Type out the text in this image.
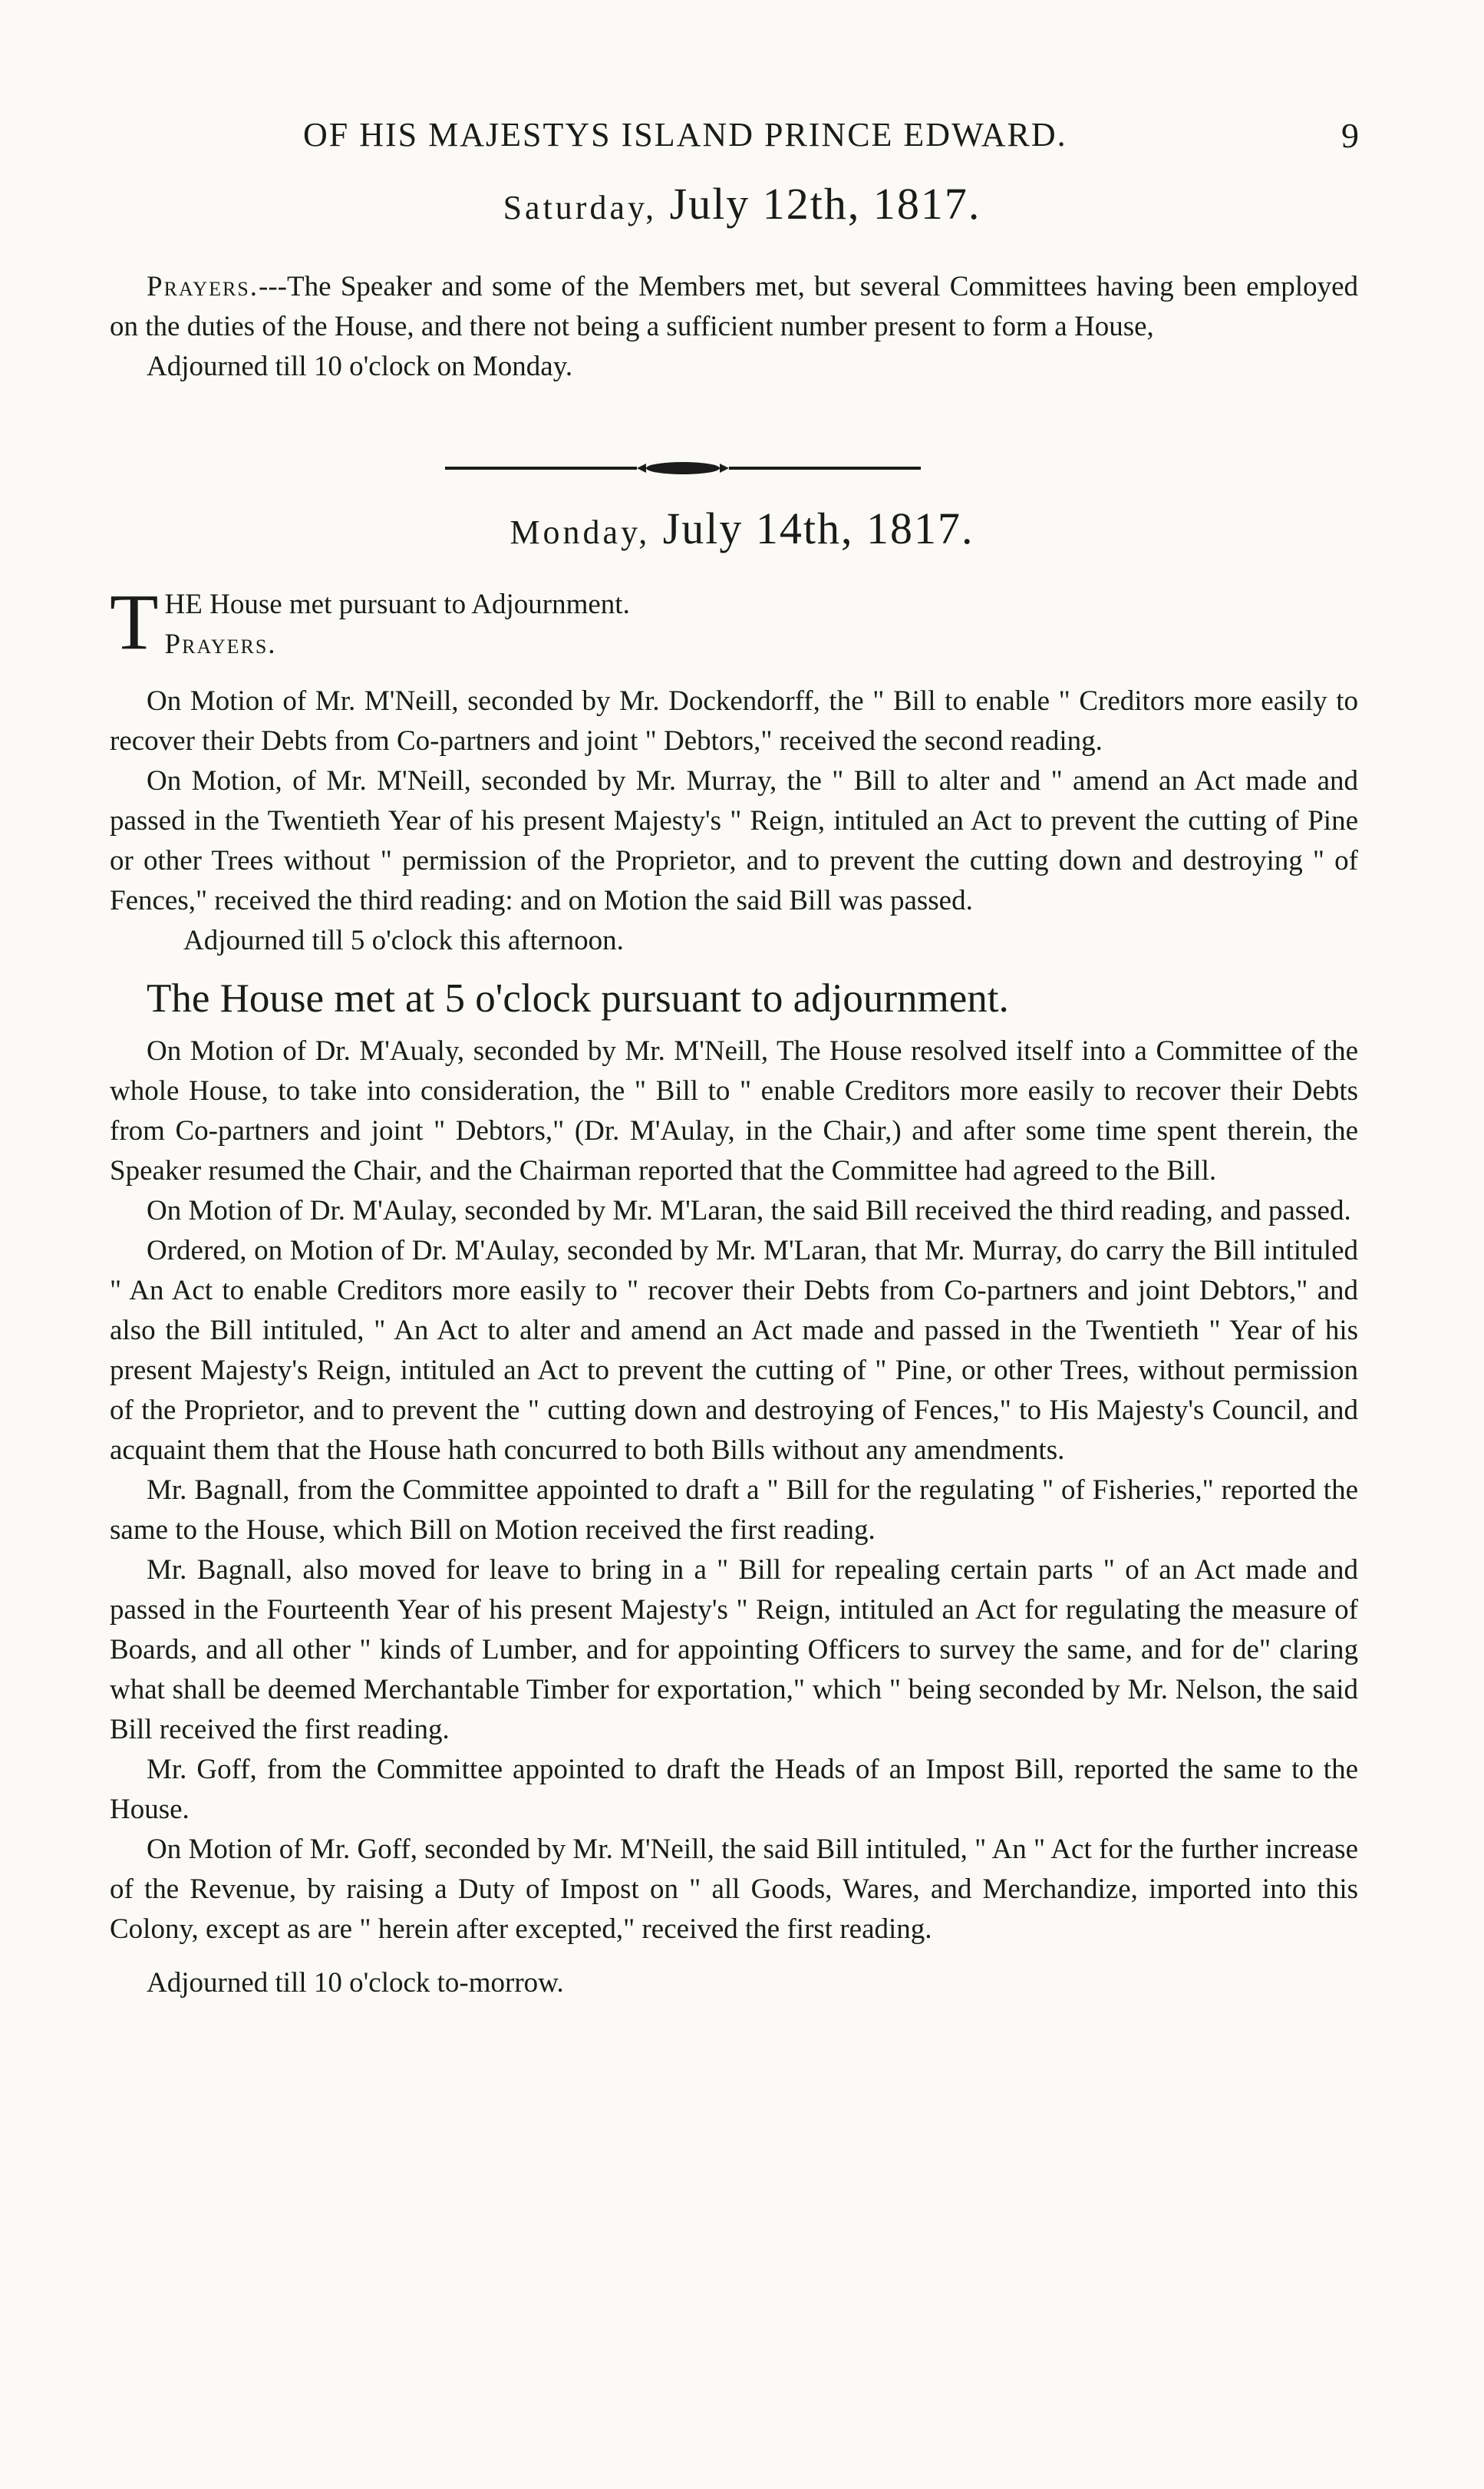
OF HIS MAJESTYS ISLAND PRINCE EDWARD.	9
Saturday, July 12th, 1817.

Prayers.---The Speaker and some of the Members met, but several Committees having been employed on the duties of the House, and there not being a sufficient number present to form a House,

Adjourned till 10 o'clock on Monday.

Monday, July 14th, 1817.

THE House met pursuant to Adjournment.
Prayers.

On Motion of Mr. M'Neill, seconded by Mr. Dockendorff, the " Bill to enable " Creditors more easily to recover their Debts from Co-partners and joint " Debtors," received the second reading.

On Motion, of Mr. M'Neill, seconded by Mr. Murray, the " Bill to alter and " amend an Act made and passed in the Twentieth Year of his present Majesty's " Reign, intituled an Act to prevent the cutting of Pine or other Trees without " permission of the Proprietor, and to prevent the cutting down and destroying " of Fences," received the third reading: and on Motion the said Bill was passed.

Adjourned till 5 o'clock this afternoon.

The House met at 5 o'clock pursuant to adjournment.

On Motion of Dr. M'Aualy, seconded by Mr. M'Neill, The House resolved itself into a Committee of the whole House, to take into consideration, the " Bill to " enable Creditors more easily to recover their Debts from Co-partners and joint " Debtors," (Dr. M'Aulay, in the Chair,) and after some time spent therein, the Speaker resumed the Chair, and the Chairman reported that the Committee had agreed to the Bill.

On Motion of Dr. M'Aulay, seconded by Mr. M'Laran, the said Bill received the third reading, and passed.

Ordered, on Motion of Dr. M'Aulay, seconded by Mr. M'Laran, that Mr. Murray, do carry the Bill intituled " An Act to enable Creditors more easily to " recover their Debts from Co-partners and joint Debtors," and also the Bill intituled, " An Act to alter and amend an Act made and passed in the Twentieth " Year of his present Majesty's Reign, intituled an Act to prevent the cutting of " Pine, or other Trees, without permission of the Proprietor, and to prevent the " cutting down and destroying of Fences," to His Majesty's Council, and acquaint them that the House hath concurred to both Bills without any amendments.

Mr. Bagnall, from the Committee appointed to draft a " Bill for the regulating " of Fisheries," reported the same to the House, which Bill on Motion received the first reading.

Mr. Bagnall, also moved for leave to bring in a " Bill for repealing certain parts " of an Act made and passed in the Fourteenth Year of his present Majesty's " Reign, intituled an Act for regulating the measure of Boards, and all other " kinds of Lumber, and for appointing Officers to survey the same, and for de" claring what shall be deemed Merchantable Timber for exportation," which " being seconded by Mr. Nelson, the said Bill received the first reading.

Mr. Goff, from the Committee appointed to draft the Heads of an Impost Bill, reported the same to the House.

On Motion of Mr. Goff, seconded by Mr. M'Neill, the said Bill intituled, " An " Act for the further increase of the Revenue, by raising a Duty of Impost on " all Goods, Wares, and Merchandize, imported into this Colony, except as are " herein after excepted," received the first reading.

Adjourned till 10 o'clock to-morrow.
